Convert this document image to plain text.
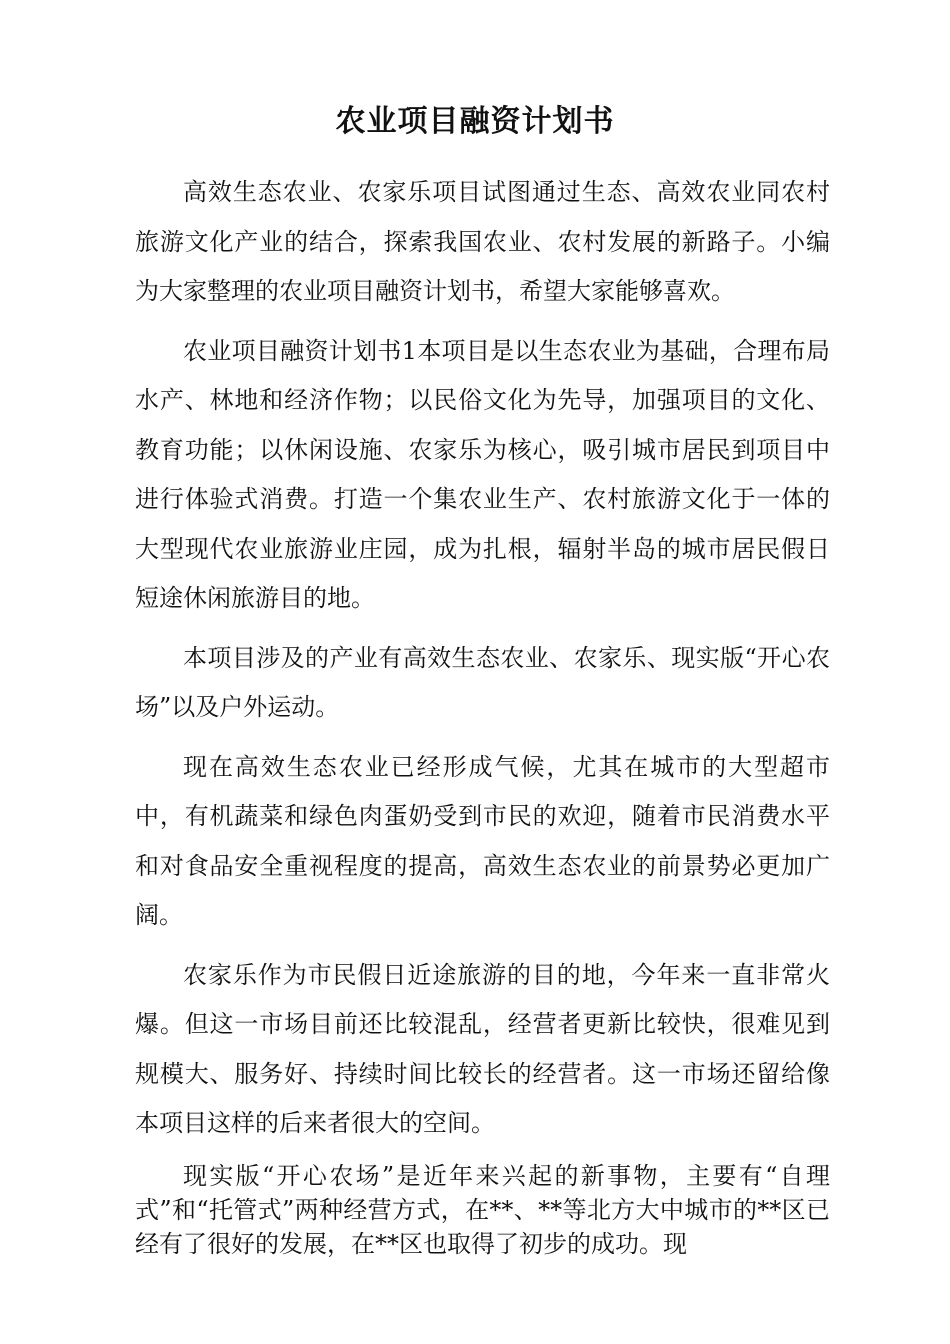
农业项目融资计划书

高效生态农业、农家乐项目试图通过生态、高效农业同农村旅游文化产业的结合，探索我国农业、农村发展的新路子。小编为大家整理的农业项目融资计划书，希望大家能够喜欢。

农业项目融资计划书1本项目是以生态农业为基础，合理布局水产、林地和经济作物；以民俗文化为先导，加强项目的文化、教育功能；以休闲设施、农家乐为核心，吸引城市居民到项目中进行体验式消费。打造一个集农业生产、农村旅游文化于一体的大型现代农业旅游业庄园，成为扎根，辐射半岛的城市居民假日短途休闲旅游目的地。

本项目涉及的产业有高效生态农业、农家乐、现实版“开心农场”以及户外运动。

现在高效生态农业已经形成气候，尤其在城市的大型超市中，有机蔬菜和绿色肉蛋奶受到市民的欢迎，随着市民消费水平和对食品安全重视程度的提高，高效生态农业的前景势必更加广阔。

农家乐作为市民假日近途旅游的目的地，今年来一直非常火爆。但这一市场目前还比较混乱，经营者更新比较快，很难见到规模大、服务好、持续时间比较长的经营者。这一市场还留给像本项目这样的后来者很大的空间。

现实版“开心农场”是近年来兴起的新事物，主要有“自理式”和“托管式”两种经营方式，在**、**等北方大中城市的**区已经有了很好的发展，在**区也取得了初步的成功。现
